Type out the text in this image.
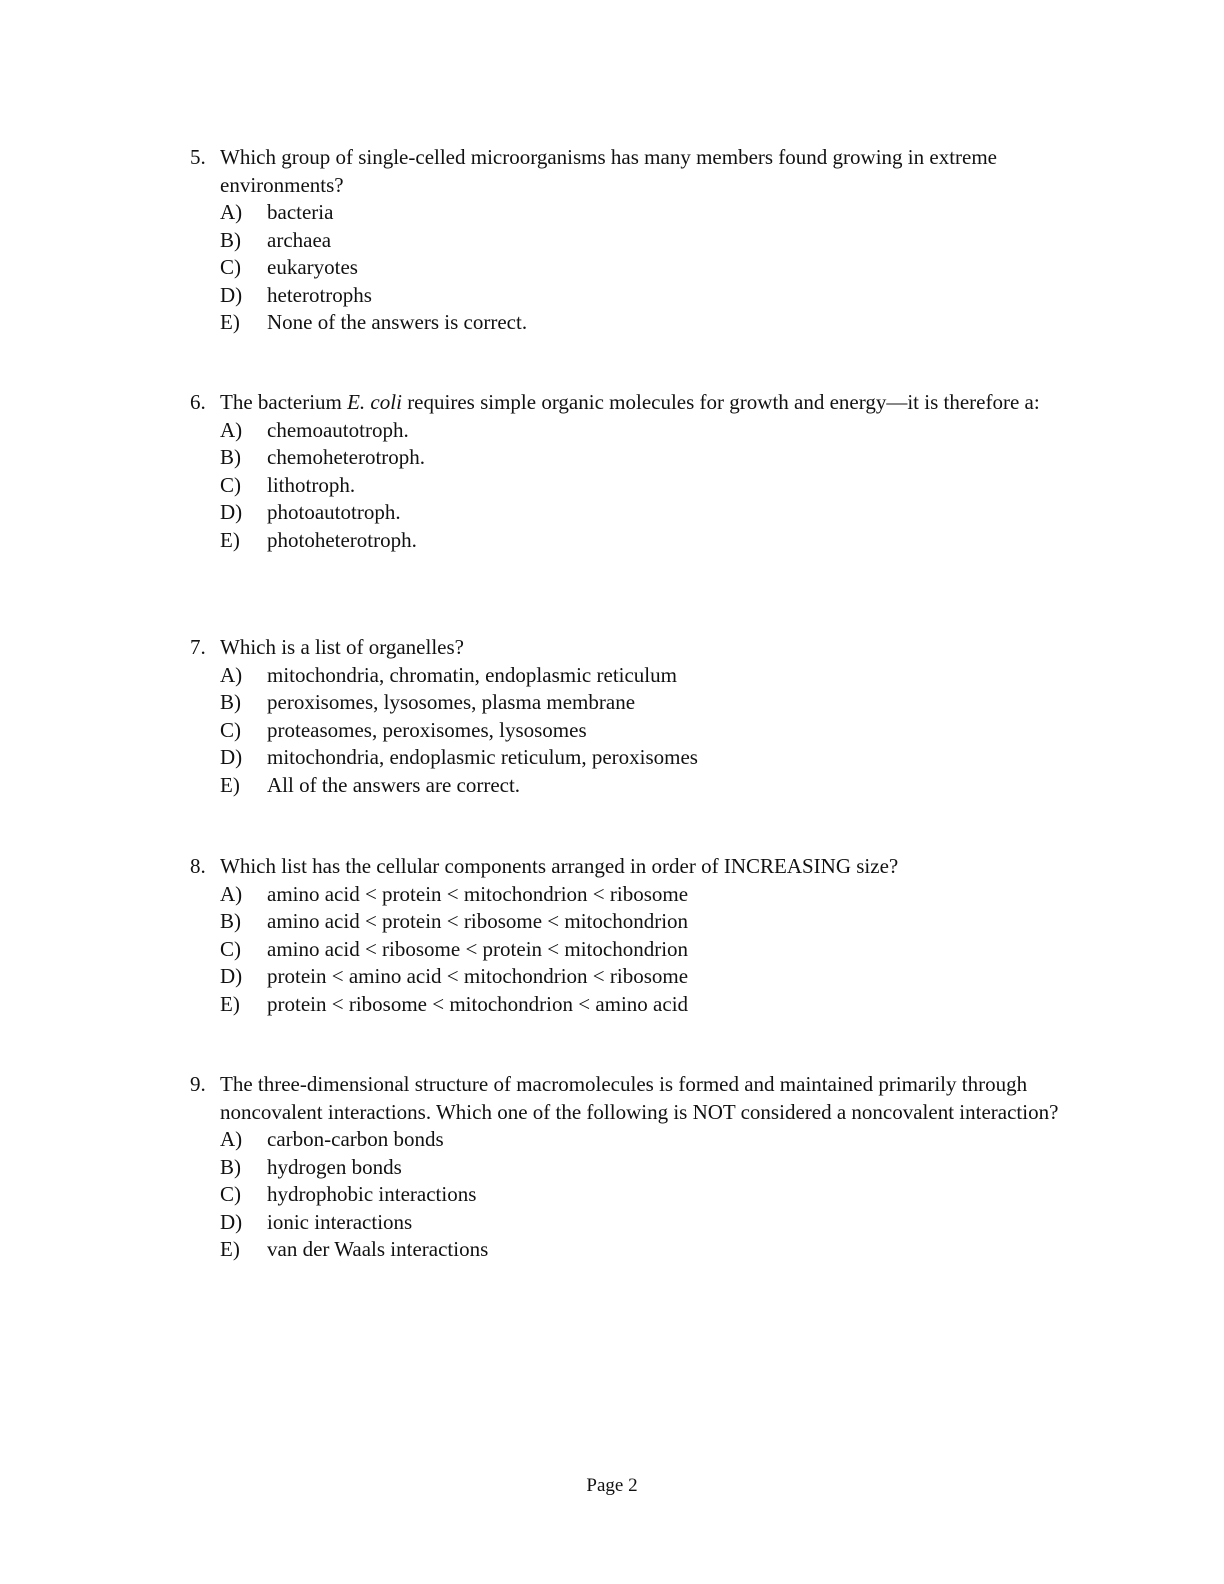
5. Which group of single-celled microorganisms has many members found growing in extreme environments?
A)	bacteria
B)	archaea
C)	eukaryotes
D)	heterotrophs
E)	None of the answers is correct.
6. The bacterium E. coli requires simple organic molecules for growth and energy—it is therefore a:
A)	chemoautotroph.
B)	chemoheterotroph.
C)	lithotroph.
D)	photoautotroph.
E)	photoheterotroph.
7. Which is a list of organelles?
A)	mitochondria, chromatin, endoplasmic reticulum
B)	peroxisomes, lysosomes, plasma membrane
C)	proteasomes, peroxisomes, lysosomes
D)	mitochondria, endoplasmic reticulum, peroxisomes
E)	All of the answers are correct.
8. Which list has the cellular components arranged in order of INCREASING size?
A)	amino acid < protein < mitochondrion < ribosome
B)	amino acid < protein < ribosome < mitochondrion
C)	amino acid < ribosome < protein < mitochondrion
D)	protein < amino acid < mitochondrion < ribosome
E)	protein < ribosome < mitochondrion < amino acid
9. The three-dimensional structure of macromolecules is formed and maintained primarily through noncovalent interactions. Which one of the following is NOT considered a noncovalent interaction?
A)	carbon-carbon bonds
B)	hydrogen bonds
C)	hydrophobic interactions
D)	ionic interactions
E)	van der Waals interactions
Page 2
